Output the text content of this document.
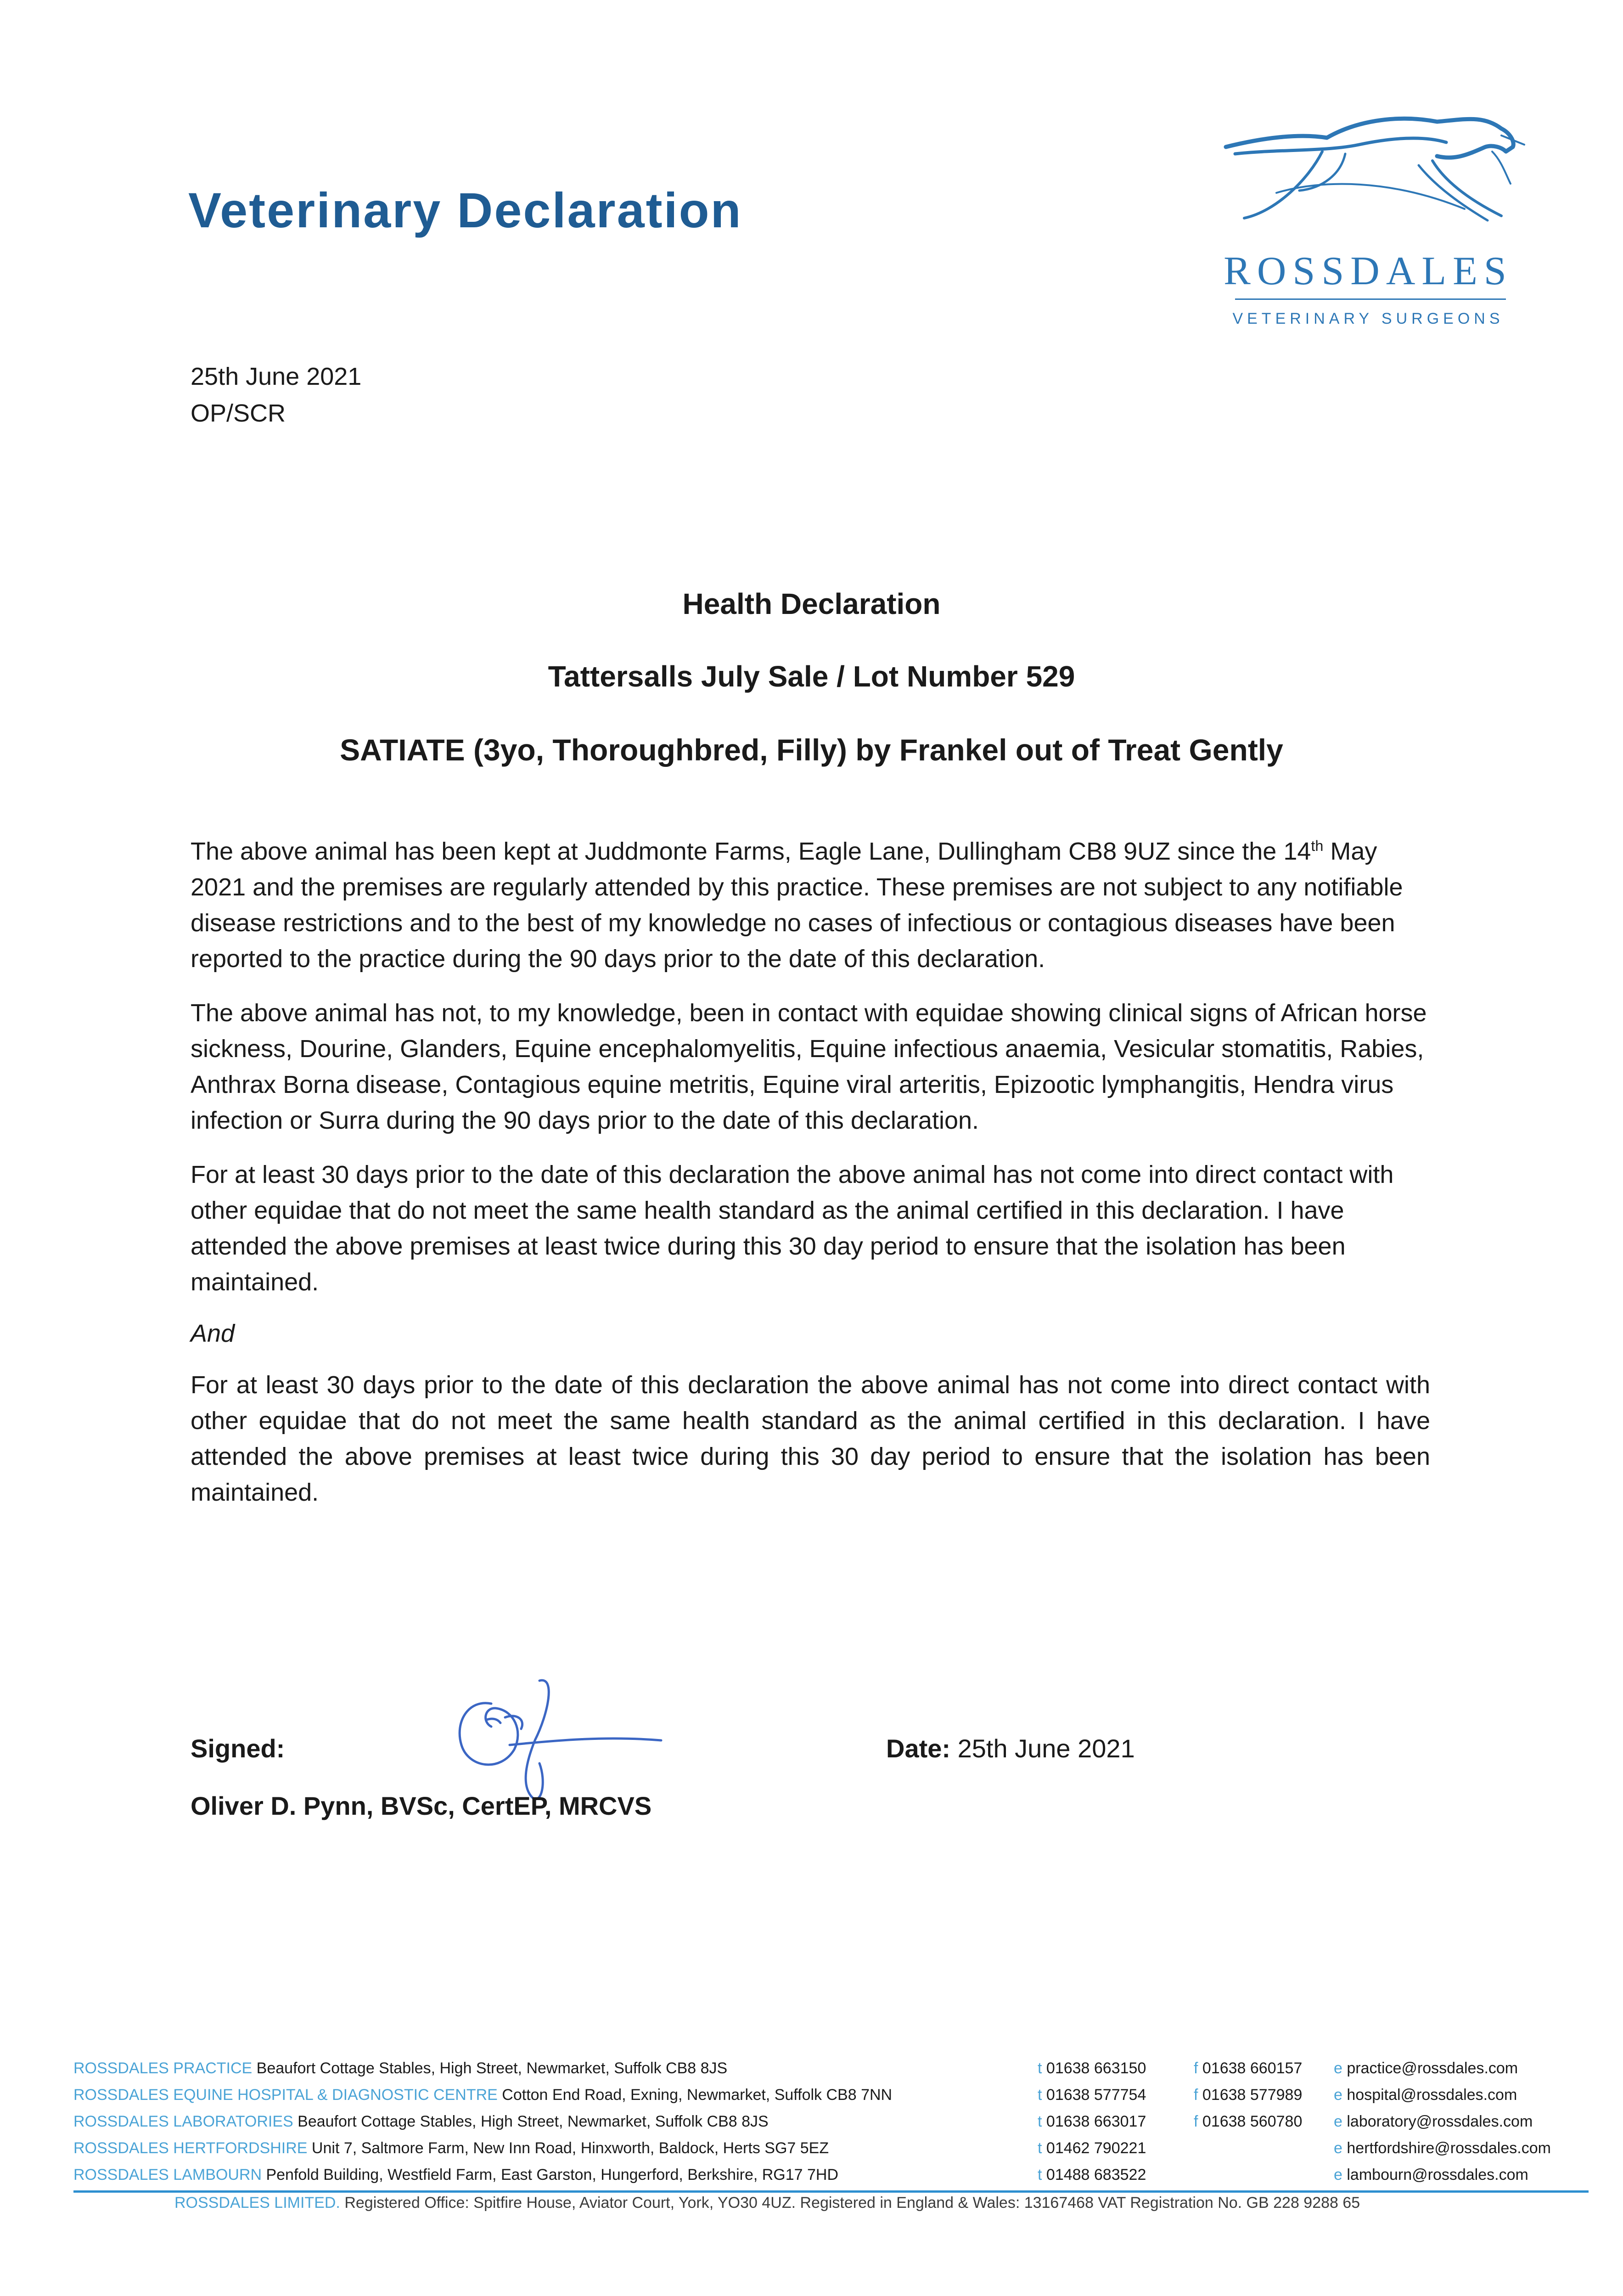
Veterinary Declaration
ROSSDALES
VETERINARY SURGEONS
25th June 2021
OP/SCR
Health Declaration
Tattersalls July Sale / Lot Number 529
SATIATE (3yo, Thoroughbred, Filly) by Frankel out of Treat Gently

The above animal has been kept at Juddmonte Farms, Eagle Lane, Dullingham CB8 9UZ since the 14th May 2021 and the premises are regularly attended by this practice. These premises are not subject to any notifiable disease restrictions and to the best of my knowledge no cases of infectious or contagious diseases have been reported to the practice during the 90 days prior to the date of this declaration.

The above animal has not, to my knowledge, been in contact with equidae showing clinical signs of African horse sickness, Dourine, Glanders, Equine encephalomyelitis, Equine infectious anaemia, Vesicular stomatitis, Rabies, Anthrax Borna disease, Contagious equine metritis, Equine viral arteritis, Epizootic lymphangitis, Hendra virus infection or Surra during the 90 days prior to the date of this declaration.

For at least 30 days prior to the date of this declaration the above animal has not come into direct contact with other equidae that do not meet the same health standard as the animal certified in this declaration. I have attended the above premises at least twice during this 30 day period to ensure that the isolation has been maintained.

And

For at least 30 days prior to the date of this declaration the above animal has not come into direct contact with other equidae that do not meet the same health standard as the animal certified in this declaration. I have attended the above premises at least twice during this 30 day period to ensure that the isolation has been maintained.

Signed:
Oliver D. Pynn, BVSc, CertEP, MRCVS
Date: 25th June 2021
ROSSDALES PRACTICE Beaufort Cottage Stables, High Street, Newmarket, Suffolk CB8 8JS	t 01638 663150	f 01638 660157 e practice@rossdales.com
ROSSDALES EQUINE HOSPITAL & DIAGNOSTIC CENTRE Cotton End Road, Exning, Newmarket, Suffolk CB8 7NN	t 01638 577754	f 01638 577989 e hospital@rossdales.com
ROSSDALES LABORATORIES Beaufort Cottage Stables, High Street, Newmarket, Suffolk CB8 8JS	t 01638 663017	f 01638 560780 e laboratory@rossdales.com
ROSSDALES HERTFORDSHIRE Unit 7, Saltmore Farm, New Inn Road, Hinxworth, Baldock, Herts SG7 5EZ	t 01462 790221	e hertfordshire@rossdales.com
ROSSDALES LAMBOURN Penfold Building, Westfield Farm, East Garston, Hungerford, Berkshire, RG17 7HD	t 01488 683522	e lambourn@rossdales.com
ROSSDALES LIMITED. Registered Office: Spitfire House, Aviator Court, York, YO30 4UZ. Registered in England & Wales: 13167468 VAT Registration No. GB 228 9288 65
